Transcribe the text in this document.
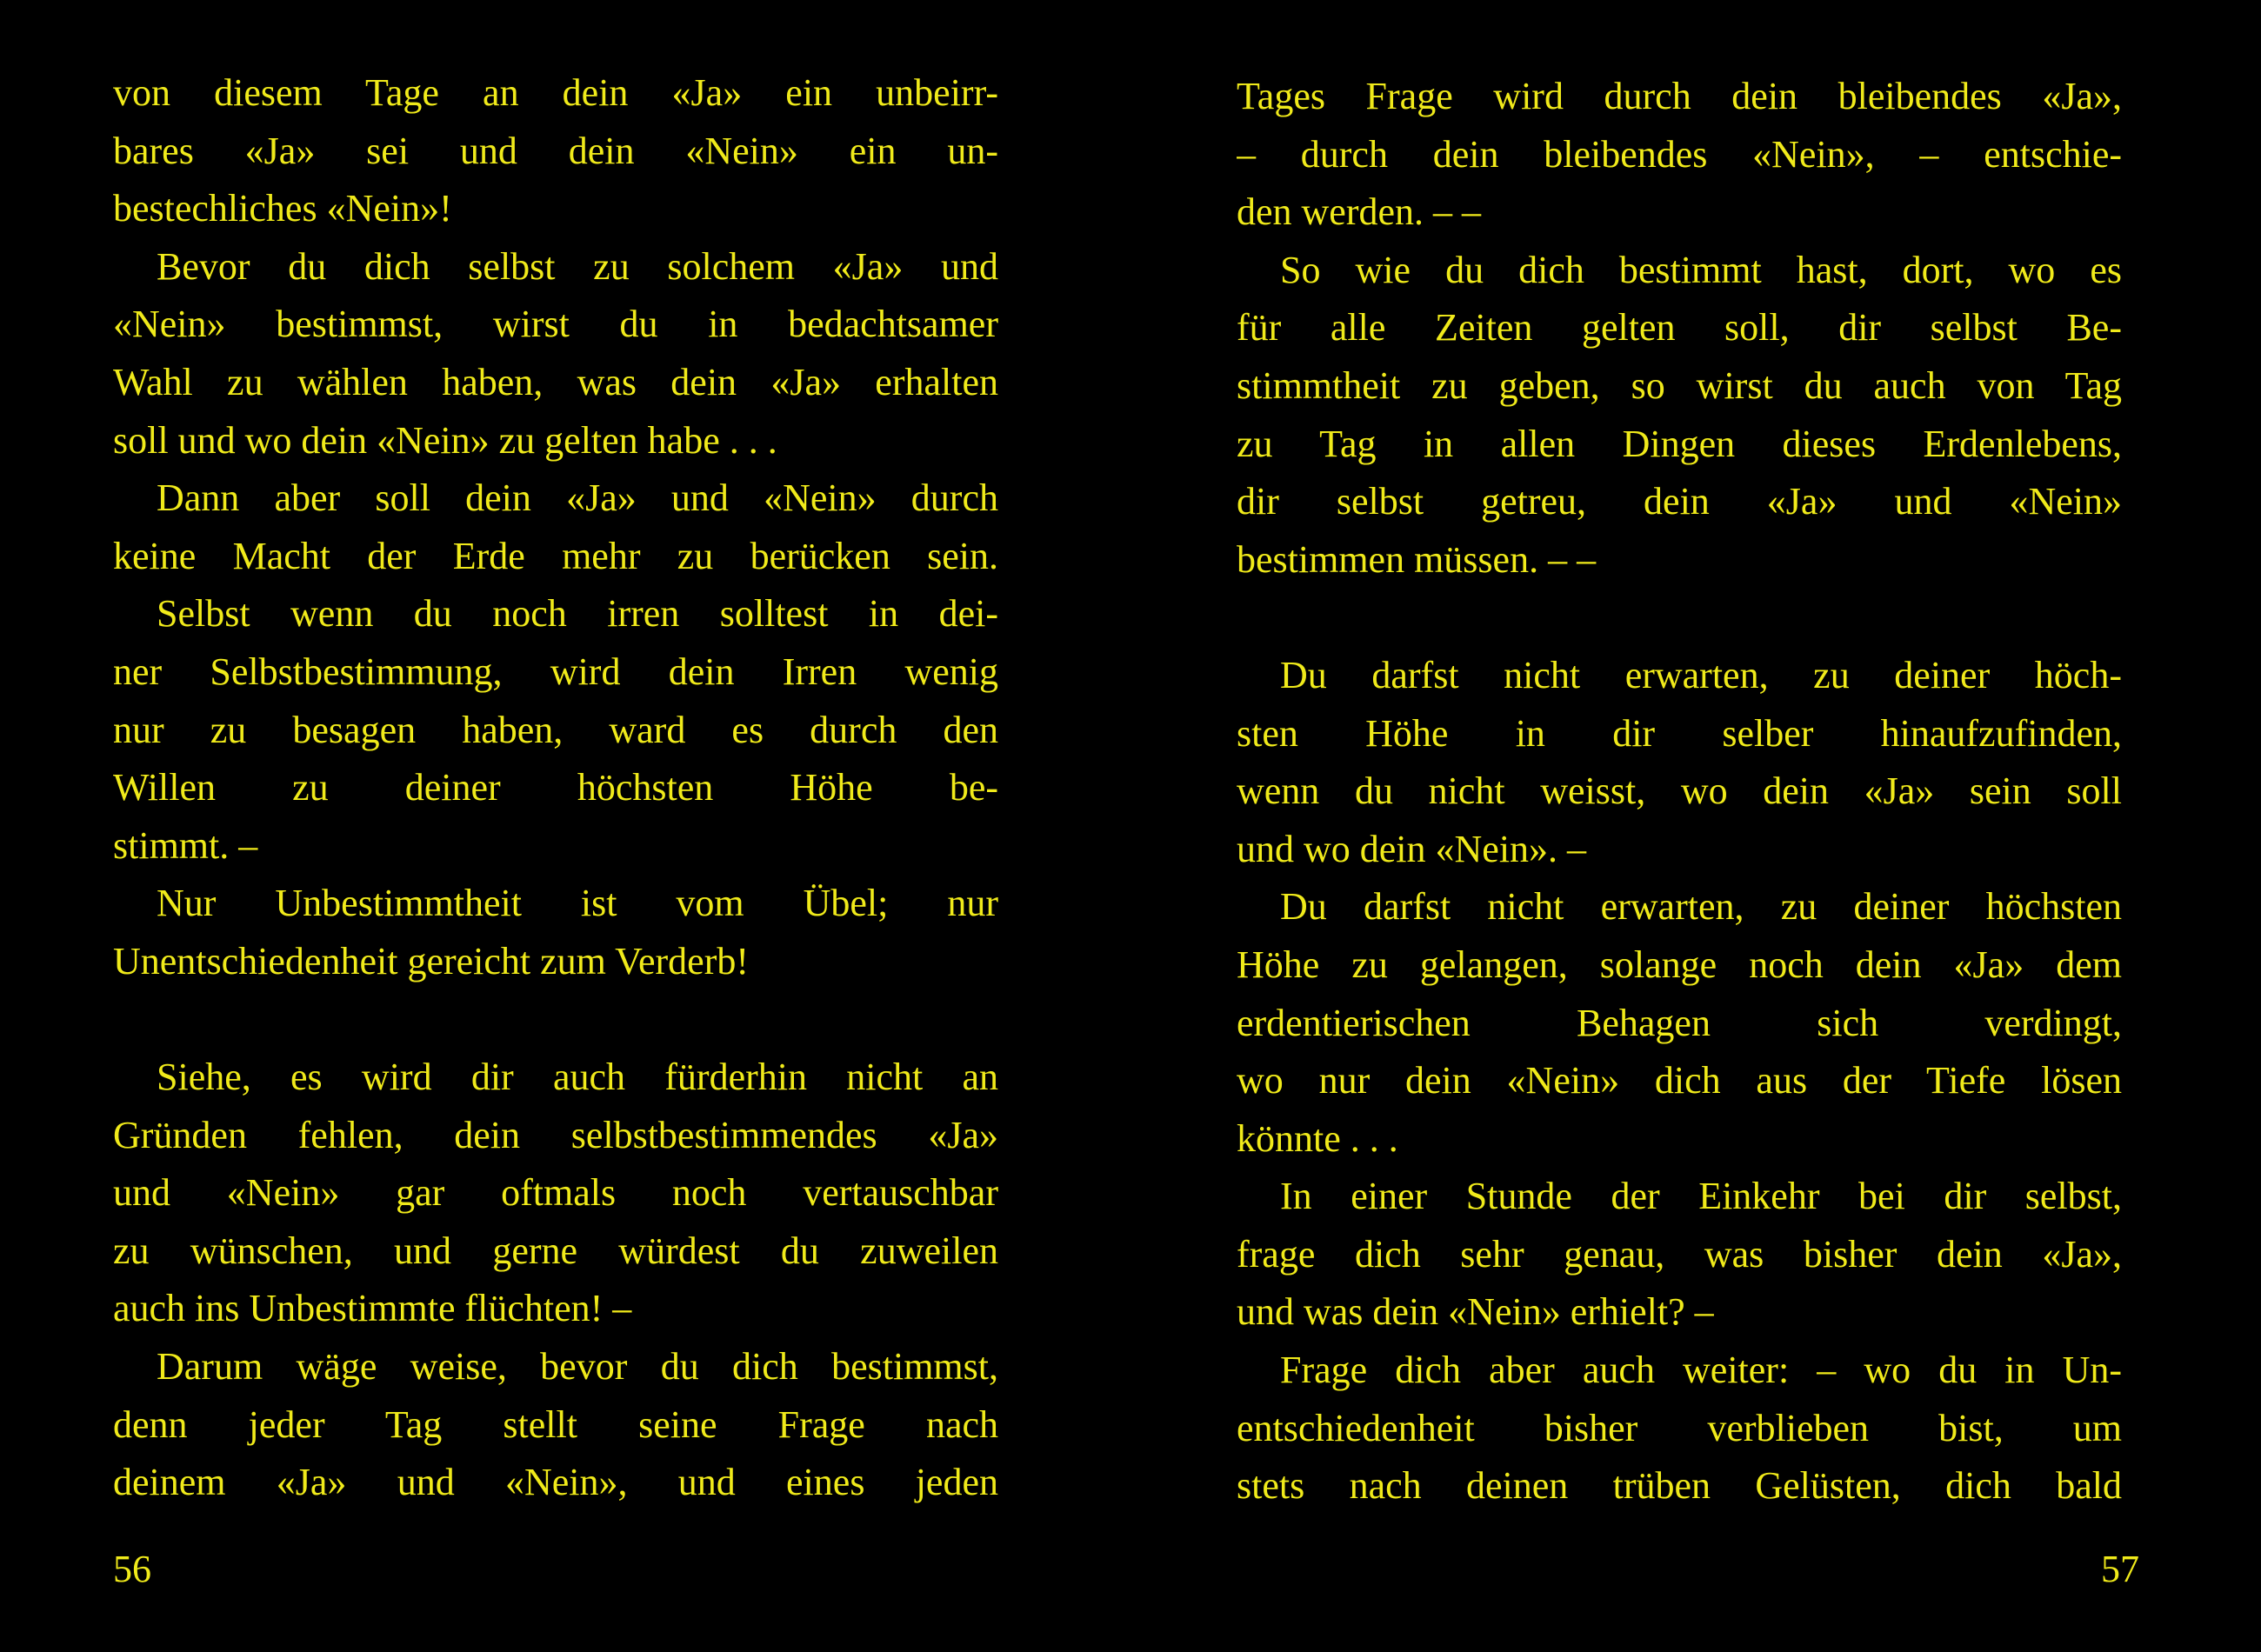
von diesem Tage an dein «Ja» ein unbeirr-
bares «Ja» sei und dein «Nein» ein un-
bestechliches «Nein»!
Bevor du dich selbst zu solchem «Ja» und
«Nein» bestimmst, wirst du in bedachtsamer
Wahl zu wählen haben, was dein «Ja» erhalten
soll und wo dein «Nein» zu gelten habe . . .
Dann aber soll dein «Ja» und «Nein» durch
keine Macht der Erde mehr zu berücken sein.
Selbst wenn du noch irren solltest in dei-
ner Selbstbestimmung, wird dein Irren wenig
nur zu besagen haben, ward es durch den
Willen zu deiner höchsten Höhe be-
stimmt. –
Nur Unbestimmtheit ist vom Übel; nur
Unentschiedenheit gereicht zum Verderb!
Siehe, es wird dir auch fürderhin nicht an
Gründen fehlen, dein selbstbestimmendes «Ja»
und «Nein» gar oftmals noch vertauschbar
zu wünschen, und gerne würdest du zuweilen
auch ins Unbestimmte flüchten! –
Darum wäge weise, bevor du dich bestimmst,
denn jeder Tag stellt seine Frage nach
deinem «Ja» und «Nein», und eines jeden
56
Tages Frage wird durch dein bleibendes «Ja»,
– durch dein bleibendes «Nein», – entschie-
den werden. – –
So wie du dich bestimmt hast, dort, wo es
für alle Zeiten gelten soll, dir selbst Be-
stimmtheit zu geben, so wirst du auch von Tag
zu Tag in allen Dingen dieses Erdenlebens,
dir selbst getreu, dein «Ja» und «Nein»
bestimmen müssen. – –
Du darfst nicht erwarten, zu deiner höch-
sten Höhe in dir selber hinaufzufinden,
wenn du nicht weisst, wo dein «Ja» sein soll
und wo dein «Nein». –
Du darfst nicht erwarten, zu deiner höchsten
Höhe zu gelangen, solange noch dein «Ja» dem
erdentierischen Behagen sich verdingt,
wo nur dein «Nein» dich aus der Tiefe lösen
könnte . . .
In einer Stunde der Einkehr bei dir selbst,
frage dich sehr genau, was bisher dein «Ja»,
und was dein «Nein» erhielt? –
Frage dich aber auch weiter: – wo du in Un-
entschiedenheit bisher verblieben bist, um
stets nach deinen trüben Gelüsten, dich bald
57
